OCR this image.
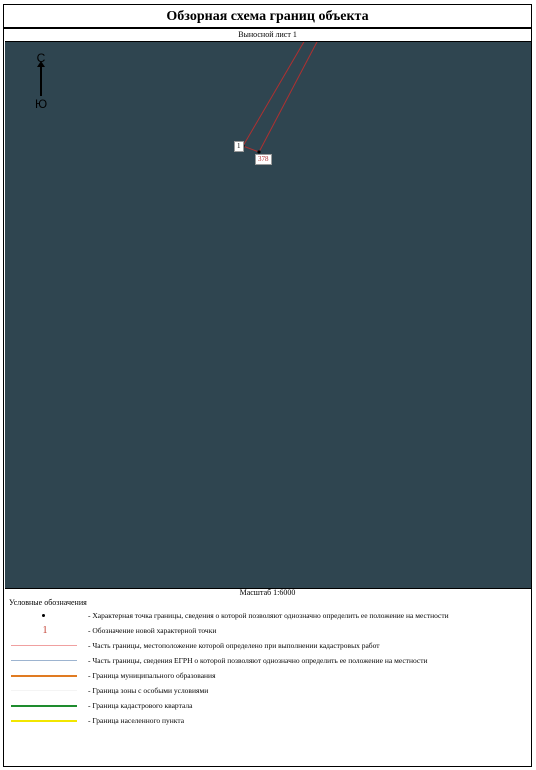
Обзорная схема границ объекта
Выносной лист 1
С
Ю
1
378
Масштаб 1:6000
Условные обозначения
- Характерная точка границы, сведения о которой позволяют однозначно определить ее положение на местности
1	- Обозначение новой характерной точки
- Часть границы, местоположение которой определено при выполнении кадастровых работ
- Часть границы, сведения ЕГРН о которой позволяют однозначно определить ее положение на местности
- Граница муниципального образования
- Граница зоны с особыми условиями
- Граница кадастрового квартала
- Граница населенного пункта
